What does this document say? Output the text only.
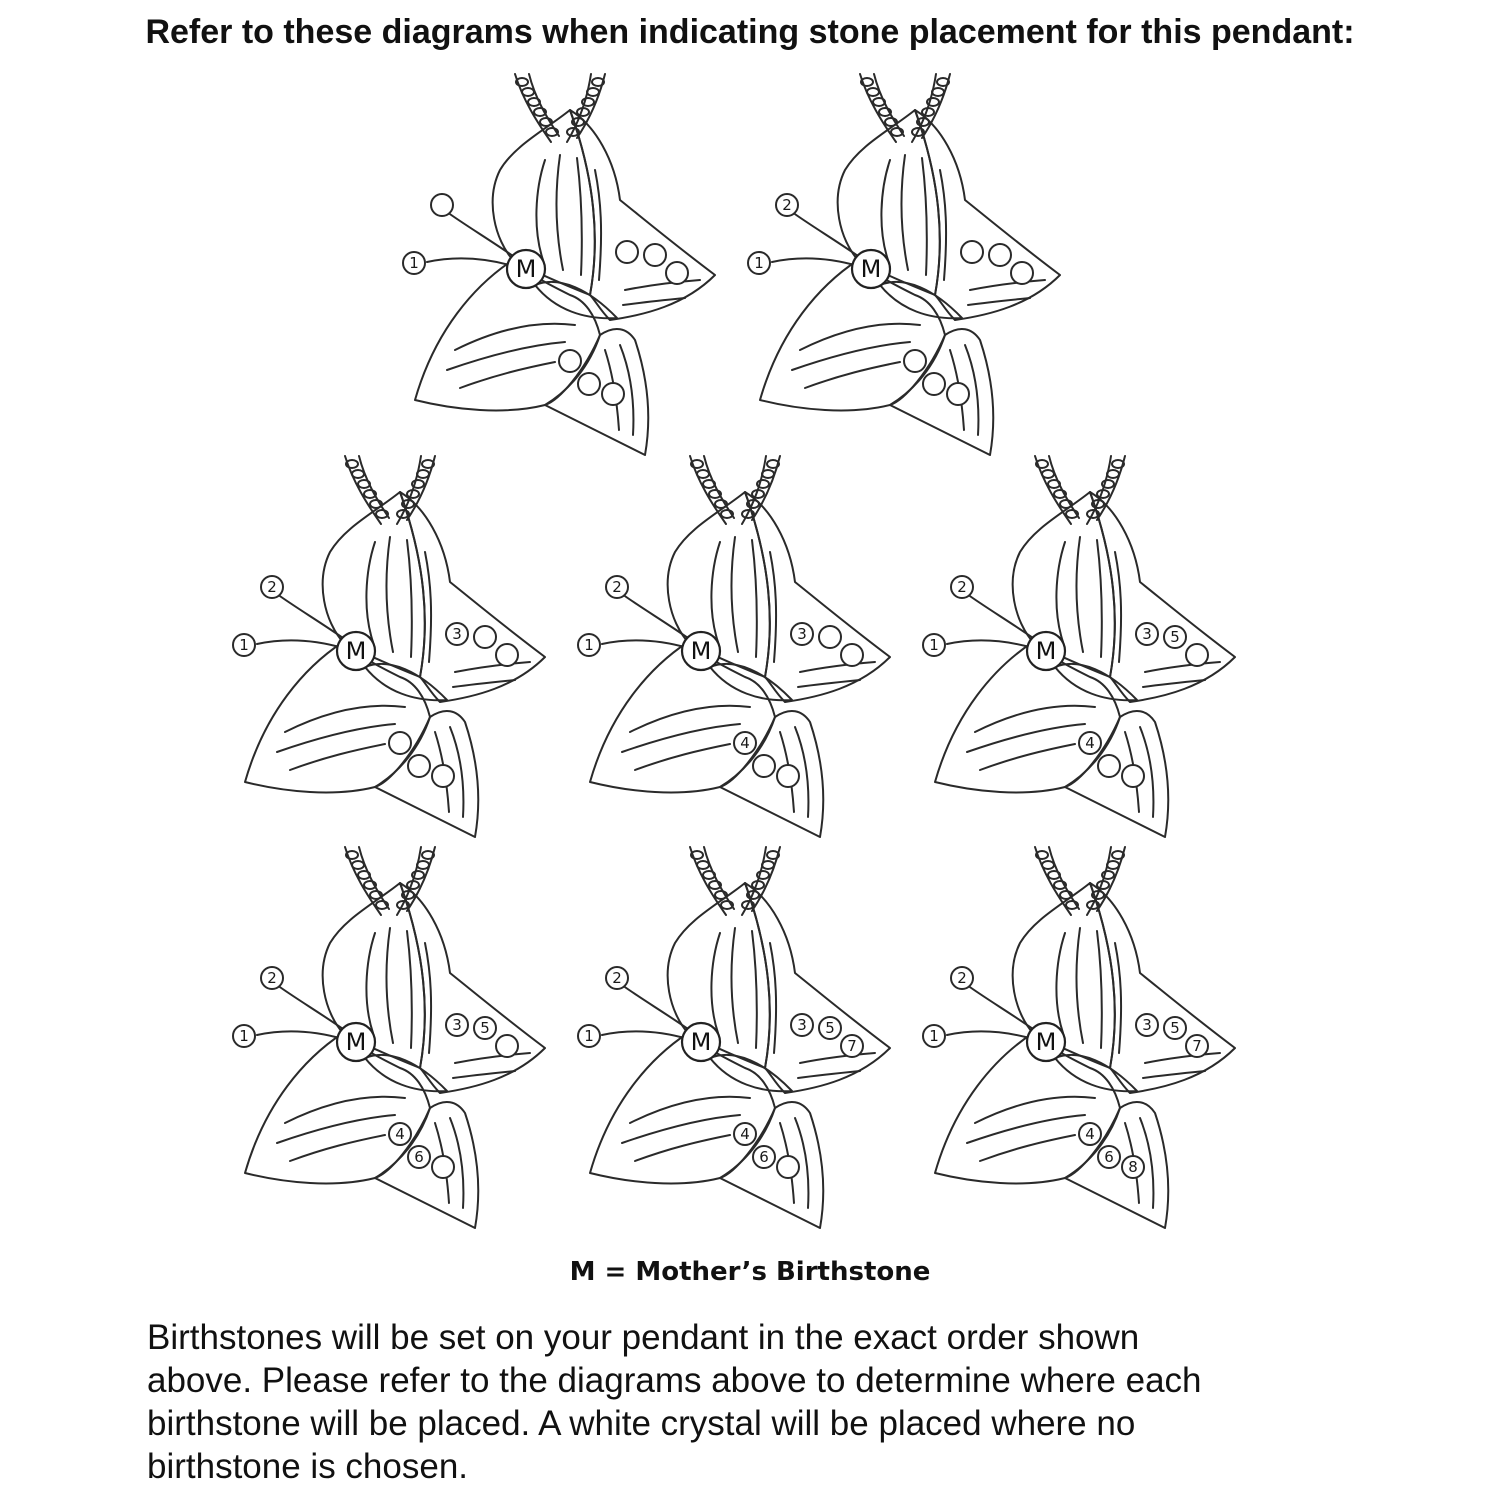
Refer to these diagrams when indicating stone placement for this pendant:
1	M	1
2
M
1
2
3
M	1
2
3
4
M	1
2
3
4
5
M
1
2
3
4
5
6
M	1
2
3
4
5
6
7
M	1
2
3
4
5
6
7
8
M
M = Mother’s Birthstone

Birthstones will be set on your pendant in the exact order shown
above. Please refer to the diagrams above to determine where each
birthstone will be placed. A white crystal will be placed where no
birthstone is chosen.
